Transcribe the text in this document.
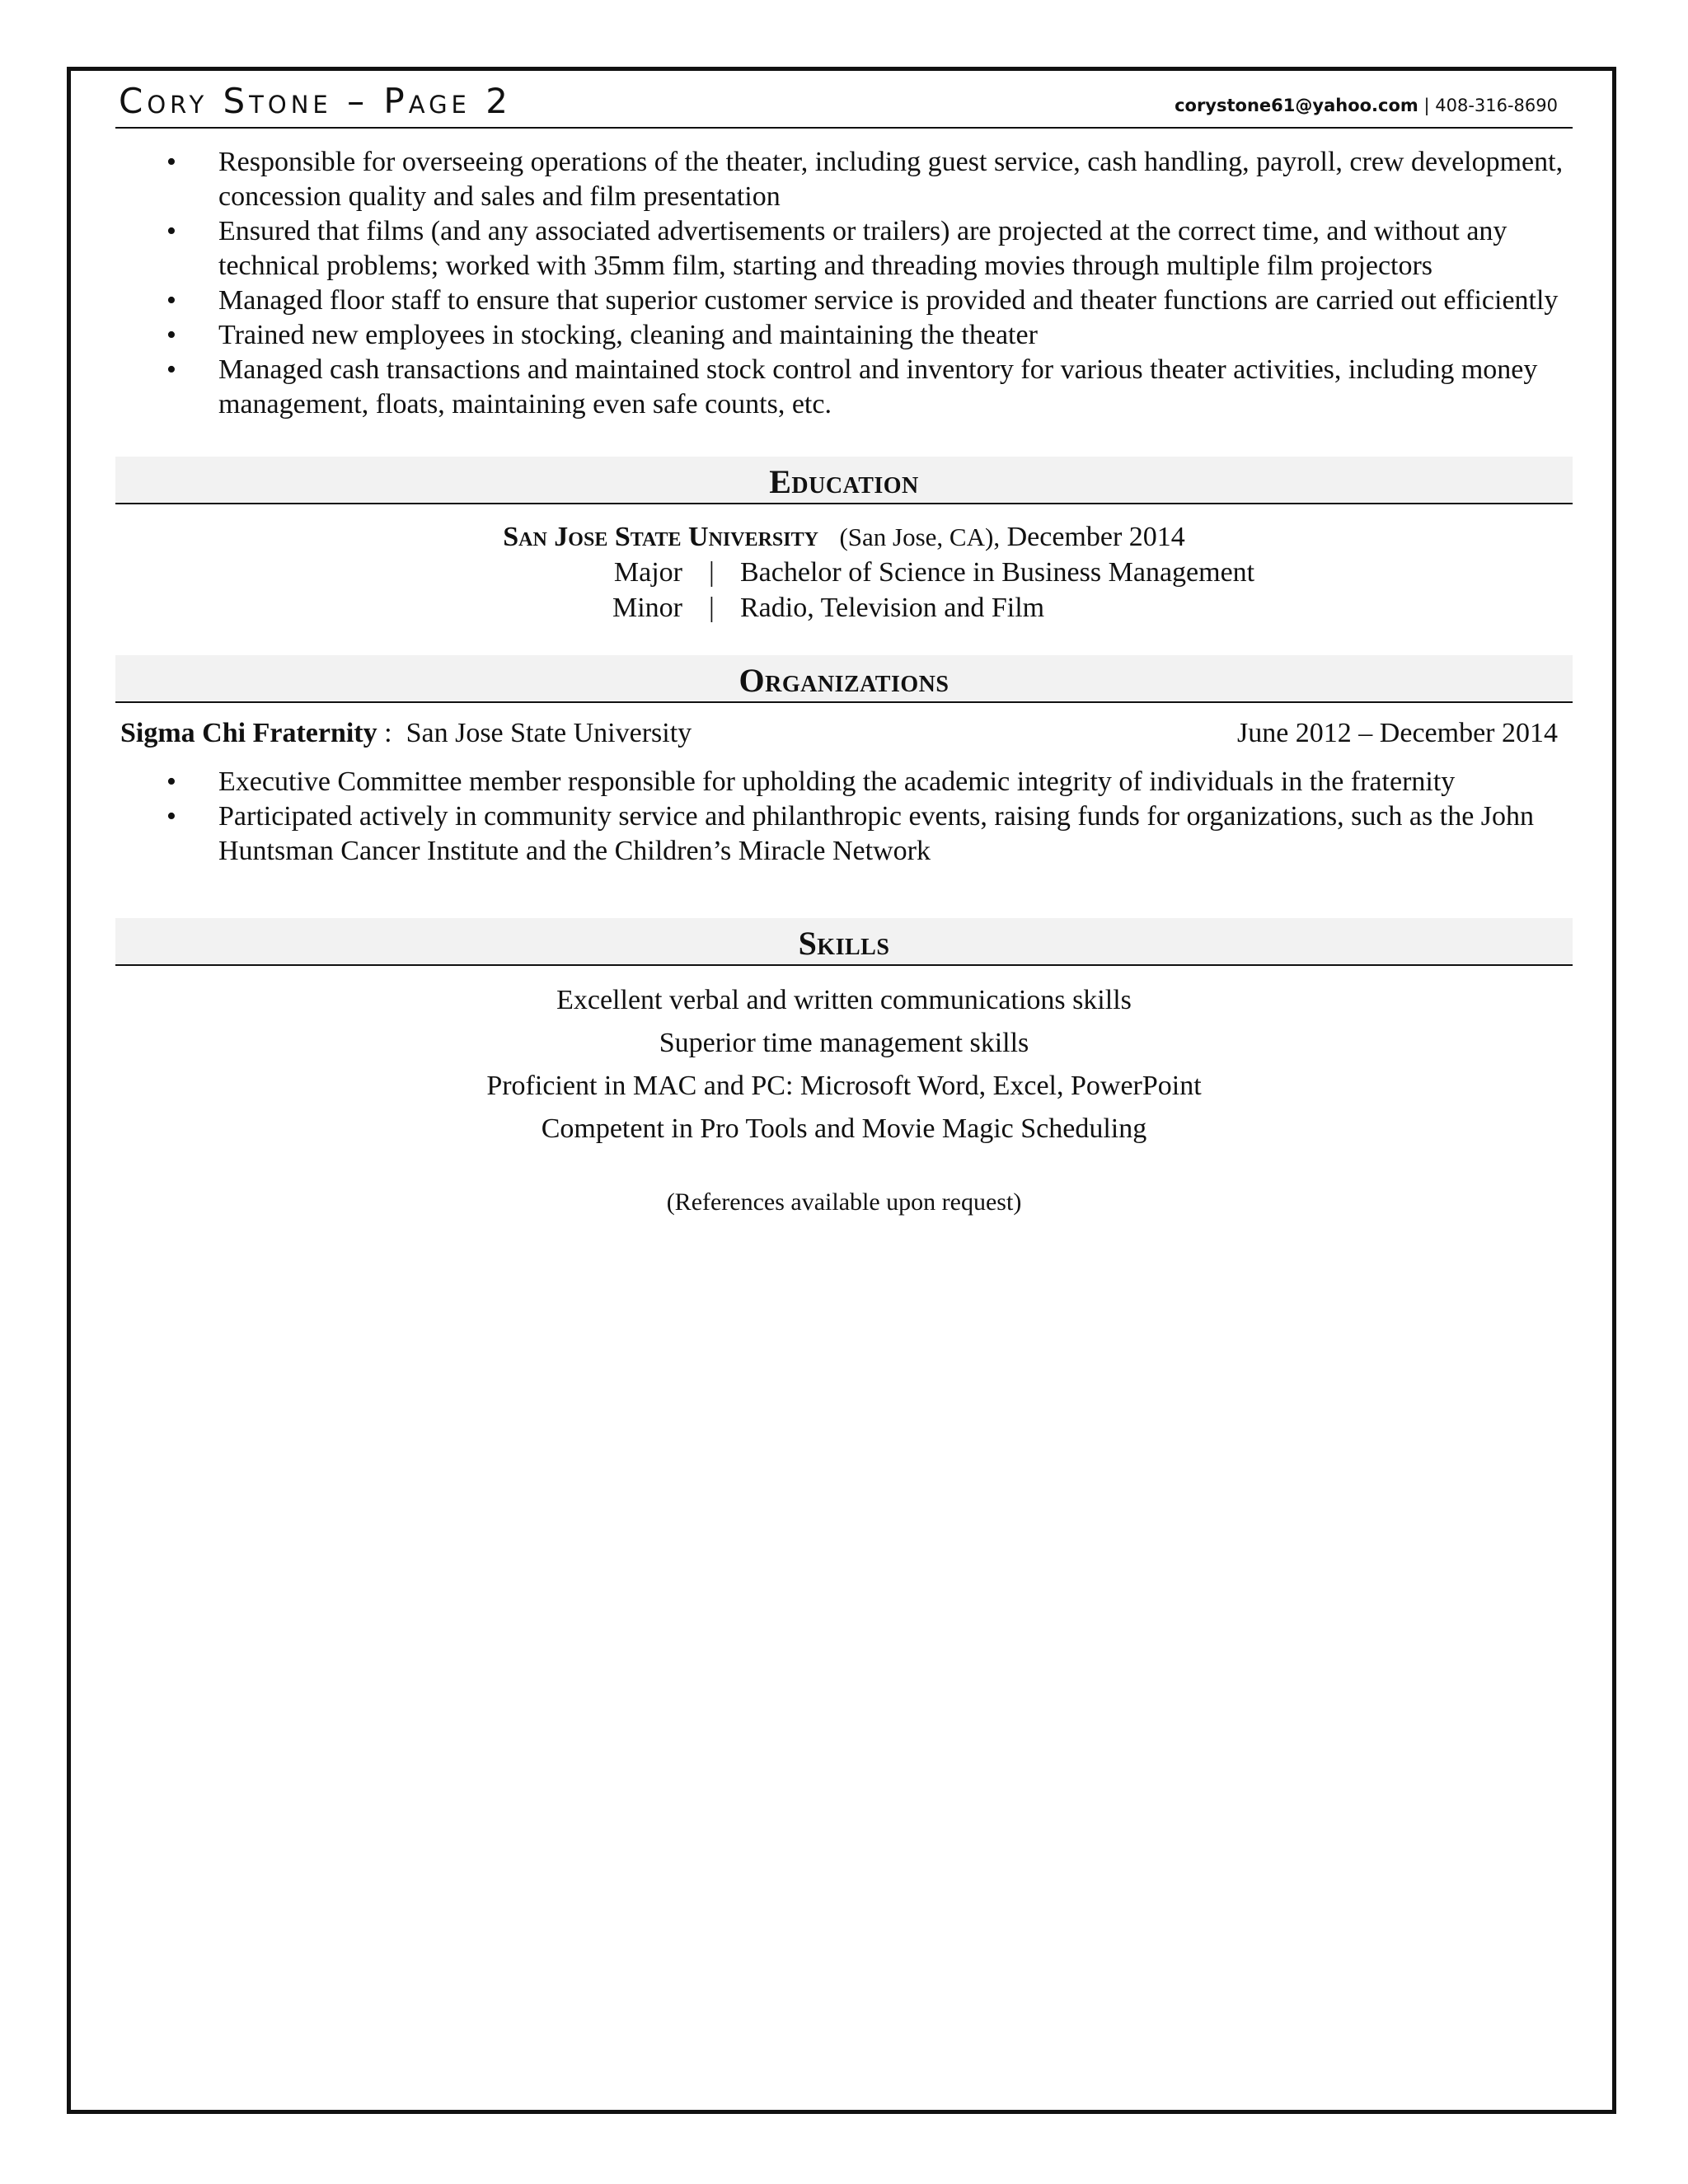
Cory Stone – Page 2	corystone61@yahoo.com | 408-316-8690
• Responsible for overseeing operations of the theater, including guest service, cash handling, payroll, crew development, concession quality and sales and film presentation
• Ensured that films (and any associated advertisements or trailers) are projected at the correct time, and without any technical problems; worked with 35mm film, starting and threading movies through multiple film projectors
• Managed floor staff to ensure that superior customer service is provided and theater functions are carried out efficiently
• Trained new employees in stocking, cleaning and maintaining the theater
• Managed cash transactions and maintained stock control and inventory for various theater activities, including money management, floats, maintaining even safe counts, etc.
Education
San Jose State University (San Jose, CA), December 2014
Major | Bachelor of Science in Business Management
Minor | Radio, Television and Film
Organizations
Sigma Chi Fraternity : San Jose State University	June 2012 – December 2014
• Executive Committee member responsible for upholding the academic integrity of individuals in the fraternity
• Participated actively in community service and philanthropic events, raising funds for organizations, such as the John Huntsman Cancer Institute and the Children’s Miracle Network
Skills
Excellent verbal and written communications skills
Superior time management skills
Proficient in MAC and PC: Microsoft Word, Excel, PowerPoint
Competent in Pro Tools and Movie Magic Scheduling
(References available upon request)
